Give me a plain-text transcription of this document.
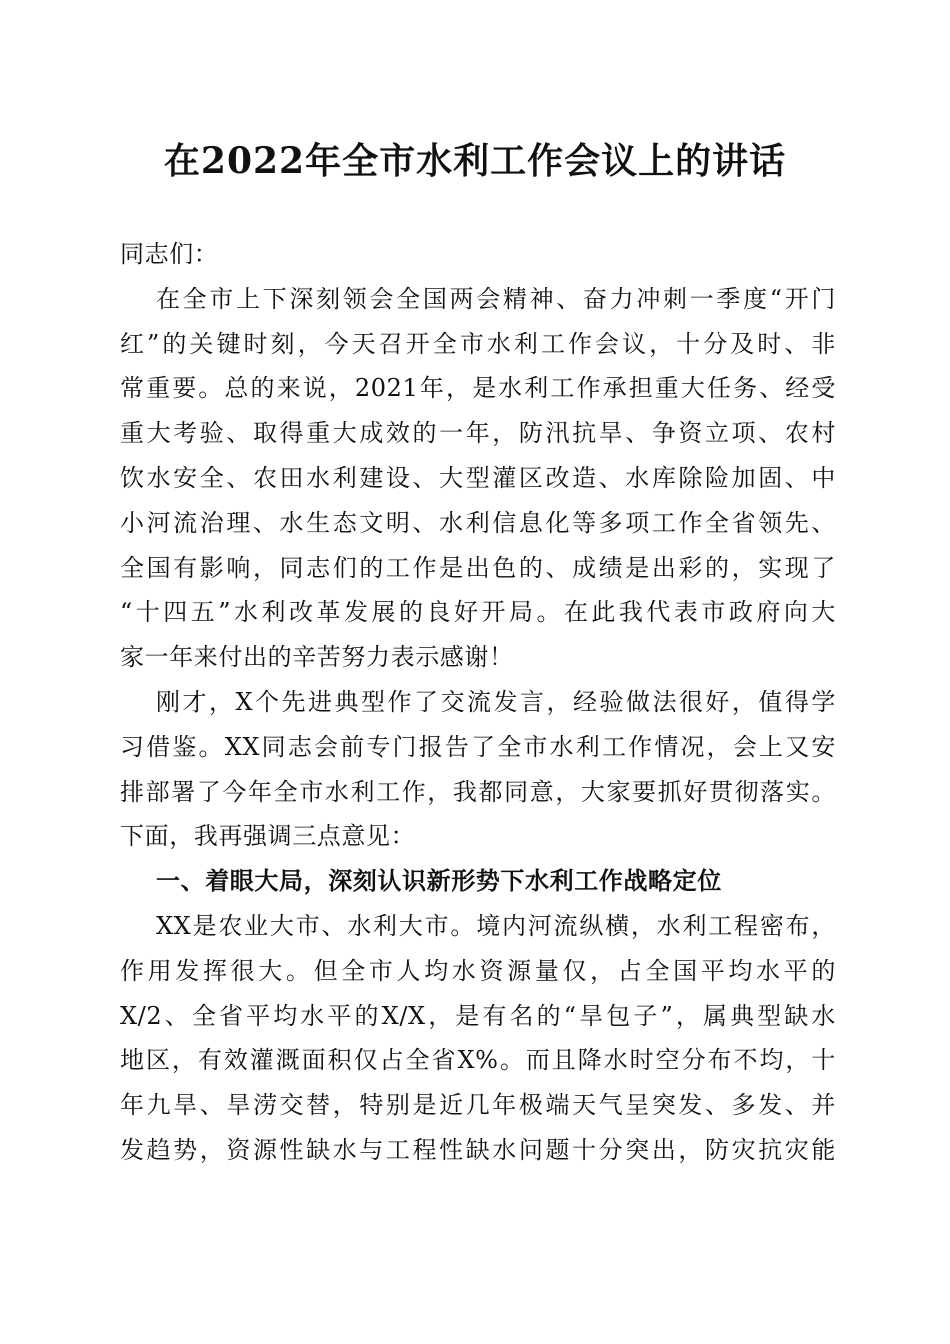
在2022年全市水利工作会议上的讲话
同志们：
在全市上下深刻领会全国两会精神、奋力冲刺一季度“开门
红”的关键时刻，今天召开全市水利工作会议，十分及时、非
常重要。总的来说，2021年，是水利工作承担重大任务、经受
重大考验、取得重大成效的一年，防汛抗旱、争资立项、农村
饮水安全、农田水利建设、大型灌区改造、水库除险加固、中
小河流治理、水生态文明、水利信息化等多项工作全省领先、
全国有影响，同志们的工作是出色的、成绩是出彩的，实现了
“十四五”水利改革发展的良好开局。在此我代表市政府向大
家一年来付出的辛苦努力表示感谢！
刚才，X个先进典型作了交流发言，经验做法很好，值得学
习借鉴。XX同志会前专门报告了全市水利工作情况，会上又安
排部署了今年全市水利工作，我都同意，大家要抓好贯彻落实。
下面，我再强调三点意见：
一、着眼大局，深刻认识新形势下水利工作战略定位
XX是农业大市、水利大市。境内河流纵横，水利工程密布，
作用发挥很大。但全市人均水资源量仅，占全国平均水平的
X/2、全省平均水平的X/X，是有名的“旱包子”，属典型缺水
地区，有效灌溉面积仅占全省X%。而且降水时空分布不均，十
年九旱、旱涝交替，特别是近几年极端天气呈突发、多发、并
发趋势，资源性缺水与工程性缺水问题十分突出，防灾抗灾能
